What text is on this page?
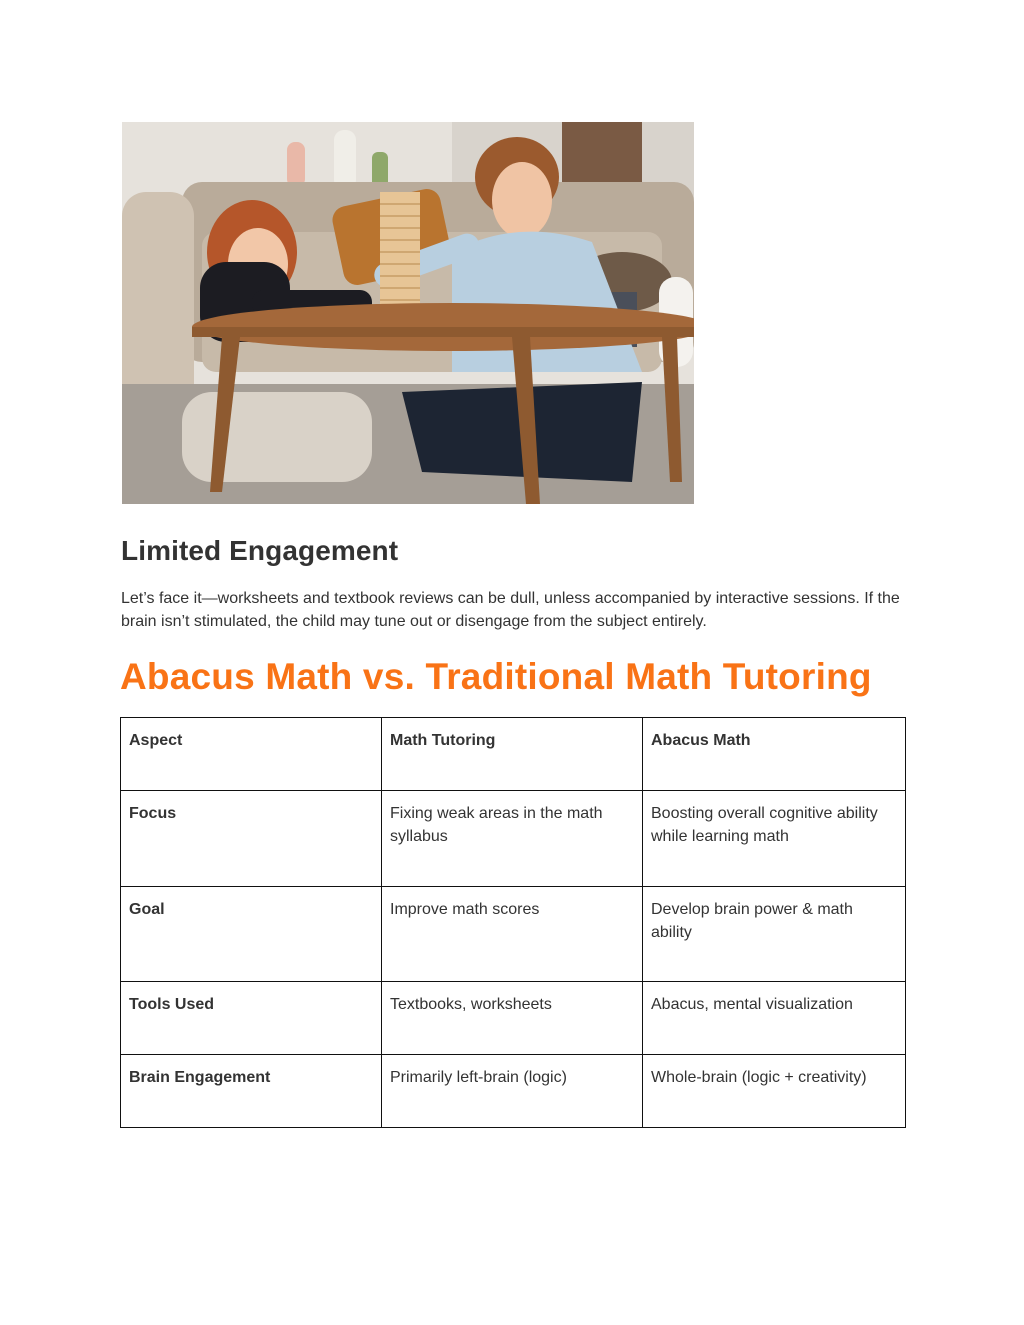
Limited Engagement

Let’s face it—worksheets and textbook reviews can be dull, unless accompanied by interactive sessions. If the brain isn’t stimulated, the child may tune out or disengage from the subject entirely.

Abacus Math vs. Traditional Math Tutoring
Aspect	Math Tutoring	Abacus Math
Focus	Fixing weak areas in the math syllabus	Boosting overall cognitive ability while learning math
Goal	Improve math scores	Develop brain power & math ability
Tools Used	Textbooks, worksheets	Abacus, mental visualization
Brain Engagement	Primarily left-brain (logic)	Whole-brain (logic + creativity)
